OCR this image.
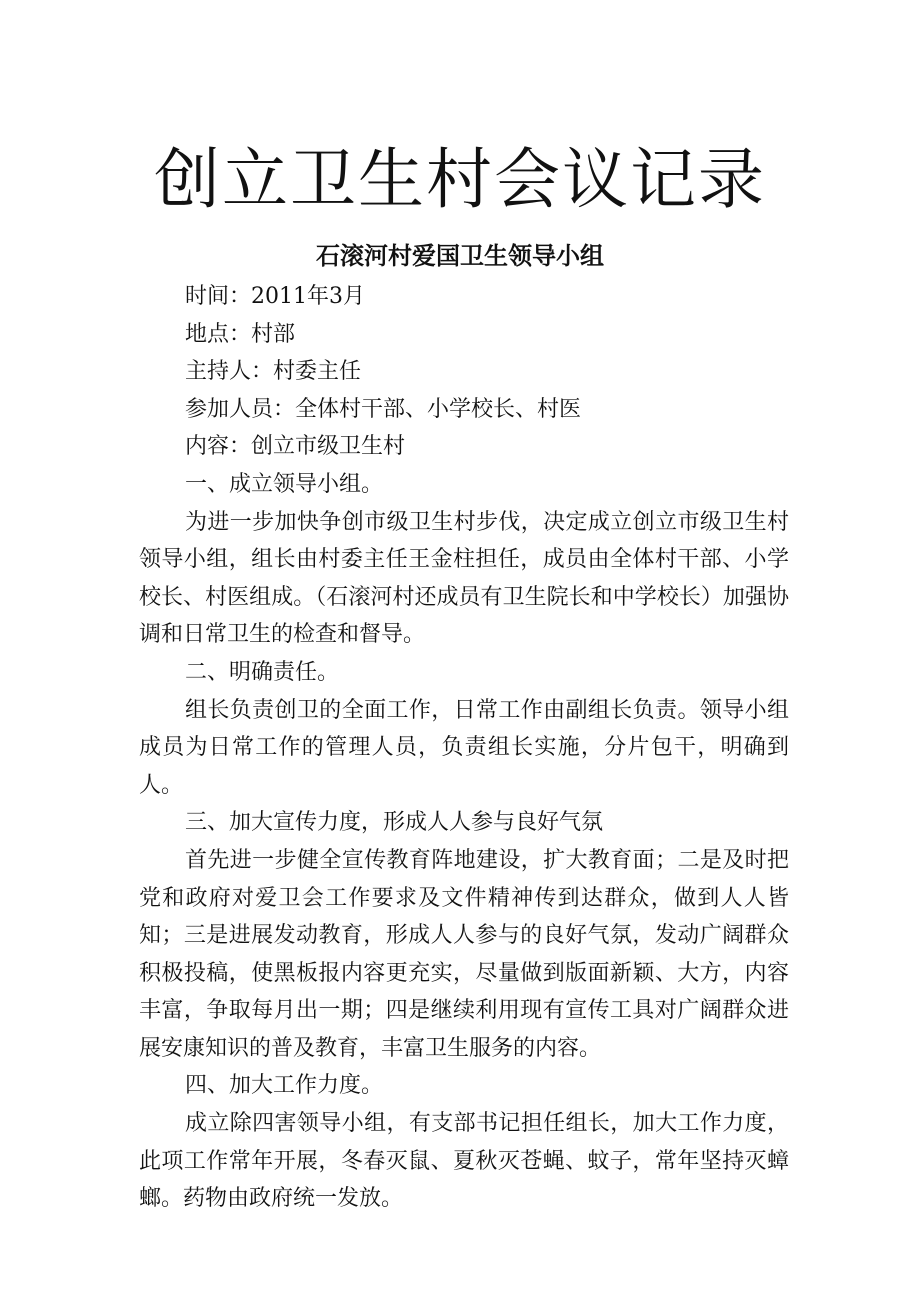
创立卫生村会议记录
石滚河村爱国卫生领导小组
时间：2011年3月
地点：村部
主持人：村委主任
参加人员：全体村干部、小学校长、村医
内容：创立市级卫生村
一、成立领导小组。

为进一步加快争创市级卫生村步伐，决定成立创立市级卫生村领导小组，组长由村委主任王金柱担任，成员由全体村干部、小学校长、村医组成。（石滚河村还成员有卫生院长和中学校长）加强协调和日常卫生的检查和督导。

二、明确责任。

组长负责创卫的全面工作，日常工作由副组长负责。领导小组成员为日常工作的管理人员，负责组长实施，分片包干，明确到人。

三、加大宣传力度，形成人人参与良好气氛

首先进一步健全宣传教育阵地建设，扩大教育面；二是及时把党和政府对爱卫会工作要求及文件精神传到达群众，做到人人皆知；三是进展发动教育，形成人人参与的良好气氛，发动广阔群众积极投稿，使黑板报内容更充实，尽量做到版面新颖、大方，内容丰富，争取每月出一期；四是继续利用现有宣传工具对广阔群众进展安康知识的普及教育，丰富卫生服务的内容。

四、加大工作力度。

成立除四害领导小组，有支部书记担任组长，加大工作力度，此项工作常年开展，冬春灭鼠、夏秋灭苍蝇、蚊子，常年坚持灭蟑螂。药物由政府统一发放。
